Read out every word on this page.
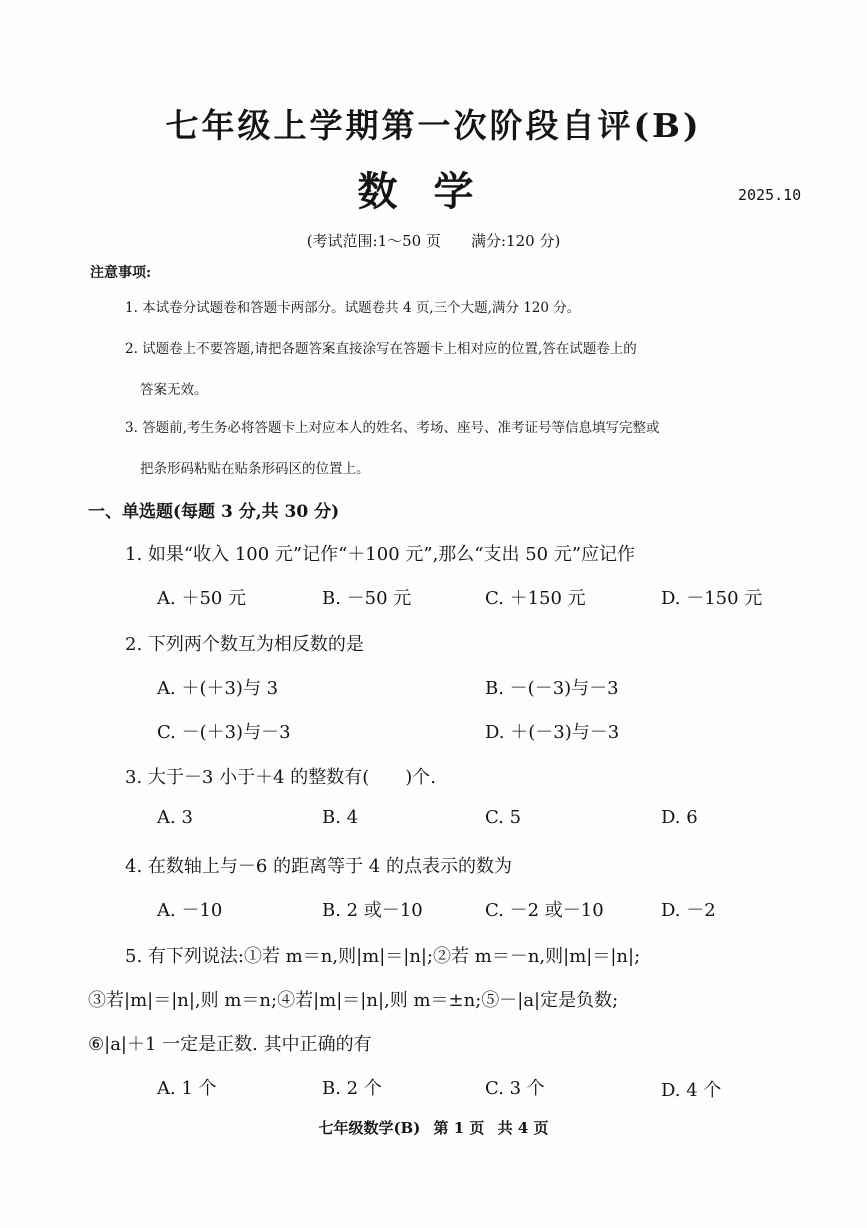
七年级上学期第一次阶段自评(B)
数学	2025.10
(考试范围:1～50 页　　满分:120 分)
注意事项:
1. 本试卷分试题卷和答题卡两部分。试题卷共 4 页,三个大题,满分 120 分。
2. 试题卷上不要答题,请把各题答案直接涂写在答题卡上相对应的位置,答在试题卷上的
答案无效。
3. 答题前,考生务必将答题卡上对应本人的姓名、考场、座号、准考证号等信息填写完整或
把条形码粘贴在贴条形码区的位置上。
一、单选题(每题 3 分,共 30 分)
1. 如果“收入 100 元”记作“＋100 元”,那么“支出 50 元”应记作
A. ＋50 元	B. －50 元	C. ＋150 元	D. －150 元
2. 下列两个数互为相反数的是
A. ＋(＋3)与 3	B. －(－3)与－3
C. －(＋3)与－3	D. ＋(－3)与－3
3. 大于－3 小于＋4 的整数有(　　)个.
A. 3	B. 4	C. 5	D. 6
4. 在数轴上与－6 的距离等于 4 的点表示的数为
A. －10	B. 2 或－10	C. －2 或－10	D. －2
5. 有下列说法:①若 m＝n,则|m|＝|n|;②若 m＝－n,则|m|＝|n|;
③若|m|＝|n|,则 m＝n;④若|m|＝|n|,则 m＝±n;⑤－|a|定是负数;
⑥|a|＋1 一定是正数. 其中正确的有
A. 1 个	B. 2 个	C. 3 个	D. 4 个
七年级数学(B) 第 1 页 共 4 页
